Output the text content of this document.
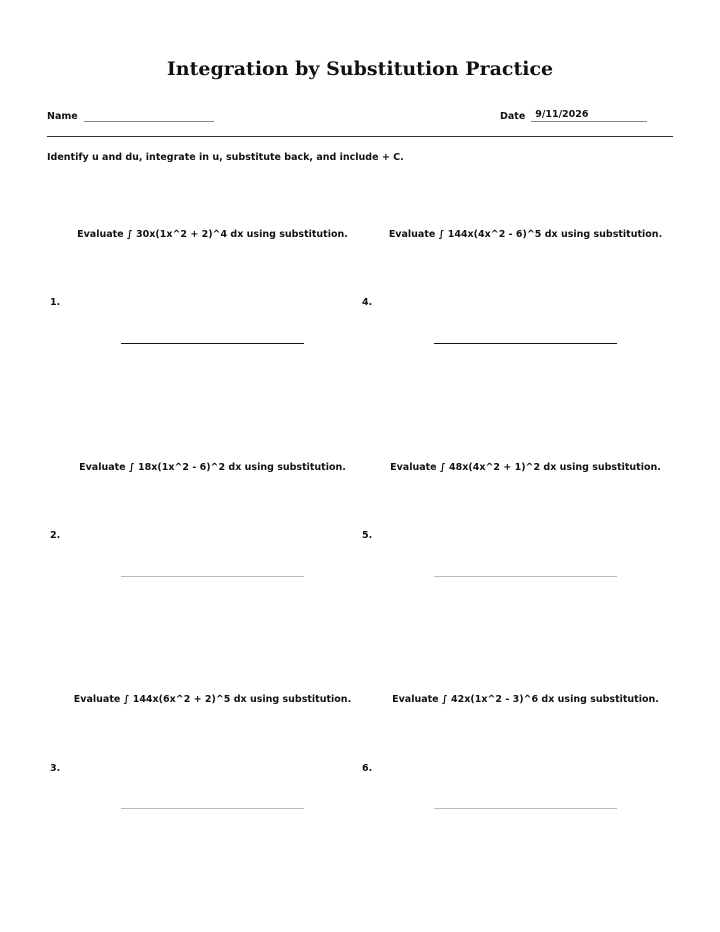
Integration by Substitution Practice
Name	Date 9/11/2026
Identify u and du, integrate in u, substitute back, and include + C.
Evaluate ∫ 30x(1x^2 + 2)^4 dx using substitution.
1.
Evaluate ∫ 18x(1x^2 - 6)^2 dx using substitution.
2.
Evaluate ∫ 144x(6x^2 + 2)^5 dx using substitution.
3.
Evaluate ∫ 144x(4x^2 - 6)^5 dx using substitution.
4.
Evaluate ∫ 48x(4x^2 + 1)^2 dx using substitution.
5.
Evaluate ∫ 42x(1x^2 - 3)^6 dx using substitution.
6.
